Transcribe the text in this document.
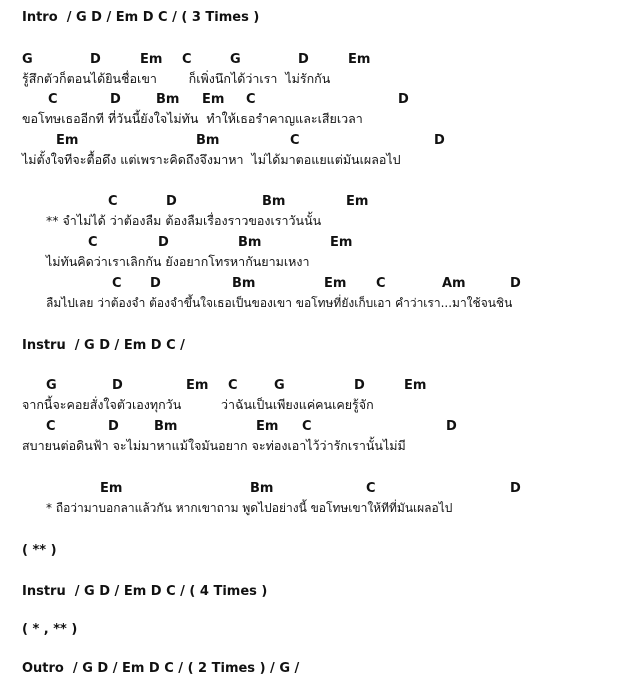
Intro  / G D / Em D C / ( 3 Times )
G	D	Em C	G	D	Em
รู้สึกตัวก็ตอนได้ยินชื่อเขา        ก็เพิ่งนึกได้ว่าเรา  ไม่รักกัน
C	D	Bm Em C	D
ขอโทษเธออีกที ที่วันนี้ยังใจไม่ทัน  ทำให้เธอรำคาญและเสียเวลา
Em	Bm	C	D
ไม่ตั้งใจทีจะตื้อดึง แต่เพราะคิดถึงจึงมาหา  ไม่ได้มาตอแยแต่มันเผลอไป
C	D	Bm	Em
** จำไม่ได้ ว่าต้องลืม ต้องลืมเรื่องราวของเราวันนั้น
C	D	Bm	Em
ไม่ทันคิดว่าเราเลิกกัน ยังอยากโทรหากันยามเหงา
C D	Bm	Em C	Am	D
ลืมไปเลย ว่าต้องจำ ต้องจำขึ้นใจเธอเป็นของเขา ขอโทษที่ยังเก็บเอา คำว่าเรา...มาใช้จนชิน
Instru  / G D / Em D C /
G	D	Em C	G	D	Em
จากนี้จะคอยสั่งใจตัวเองทุกวัน          ว่าฉันเป็นเพียงแค่คนเคยรู้จัก
C	D	Bm	Em C	D
สบายนต่อดินฟ้า จะไม่มาหาแม้ใจมันอยาก จะท่องเอาไว้ว่ารักเรานั้นไม่มี
Em	Bm	C	D
* ถือว่ามาบอกลาแล้วกัน หากเขาถาม พูดไปอย่างนี้ ขอโทษเขาให้ทีที่มันเผลอไป
( ** )
Instru  / G D / Em D C / ( 4 Times )
( * , ** )
Outro  / G D / Em D C / ( 2 Times ) / G /
